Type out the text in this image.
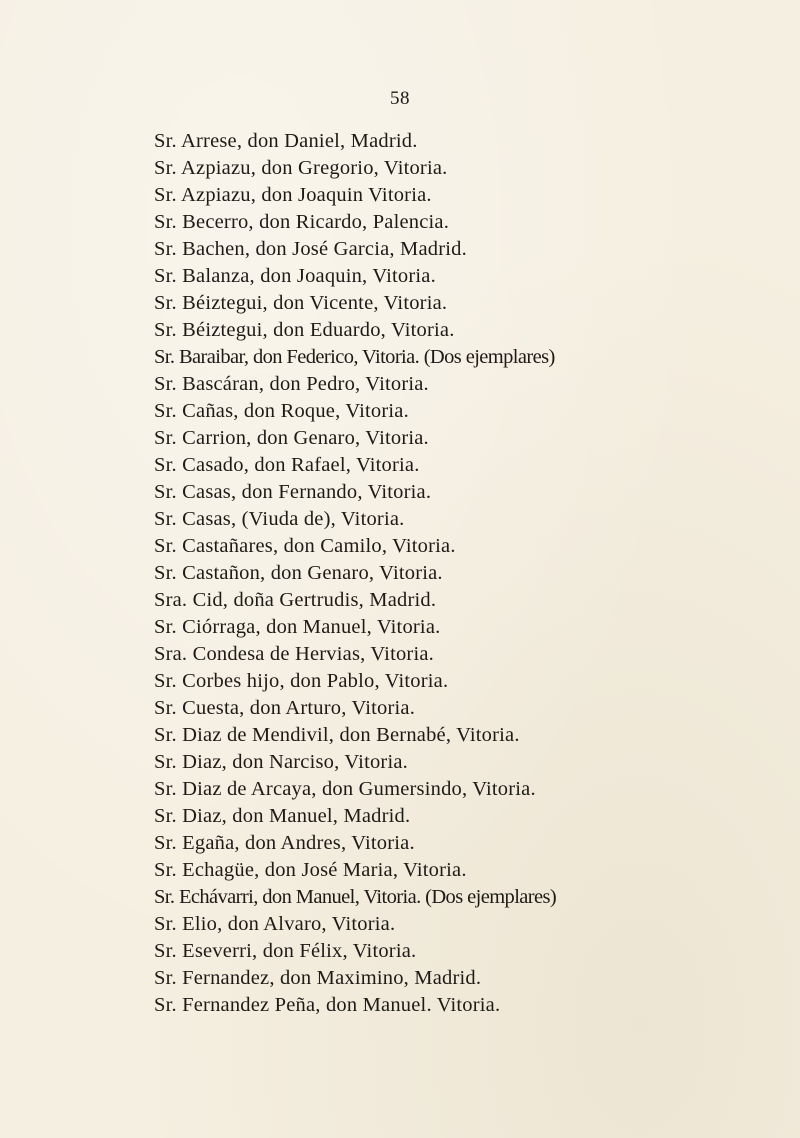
58
Sr. Arrese, don Daniel, Madrid.
Sr. Azpiazu, don Gregorio, Vitoria.
Sr. Azpiazu, don Joaquin Vitoria.
Sr. Becerro, don Ricardo, Palencia.
Sr. Bachen, don José Garcia, Madrid.
Sr. Balanza, don Joaquin, Vitoria.
Sr. Béiztegui, don Vicente, Vitoria.
Sr. Béiztegui, don Eduardo, Vitoria.
Sr. Baraibar, don Federico, Vitoria. (Dos ejemplares)
Sr. Bascáran, don Pedro, Vitoria.
Sr. Cañas, don Roque, Vitoria.
Sr. Carrion, don Genaro, Vitoria.
Sr. Casado, don Rafael, Vitoria.
Sr. Casas, don Fernando, Vitoria.
Sr. Casas, (Viuda de), Vitoria.
Sr. Castañares, don Camilo, Vitoria.
Sr. Castañon, don Genaro, Vitoria.
Sra. Cid, doña Gertrudis, Madrid.
Sr. Ciórraga, don Manuel, Vitoria.
Sra. Condesa de Hervias, Vitoria.
Sr. Corbes hijo, don Pablo, Vitoria.
Sr. Cuesta, don Arturo, Vitoria.
Sr. Diaz de Mendivil, don Bernabé, Vitoria.
Sr. Diaz, don Narciso, Vitoria.
Sr. Diaz de Arcaya, don Gumersindo, Vitoria.
Sr. Diaz, don Manuel, Madrid.
Sr. Egaña, don Andres, Vitoria.
Sr. Echagüe, don José Maria, Vitoria.
Sr. Echávarri, don Manuel, Vitoria. (Dos ejemplares)
Sr. Elio, don Alvaro, Vitoria.
Sr. Eseverri, don Félix, Vitoria.
Sr. Fernandez, don Maximino, Madrid.
Sr. Fernandez Peña, don Manuel. Vitoria.
